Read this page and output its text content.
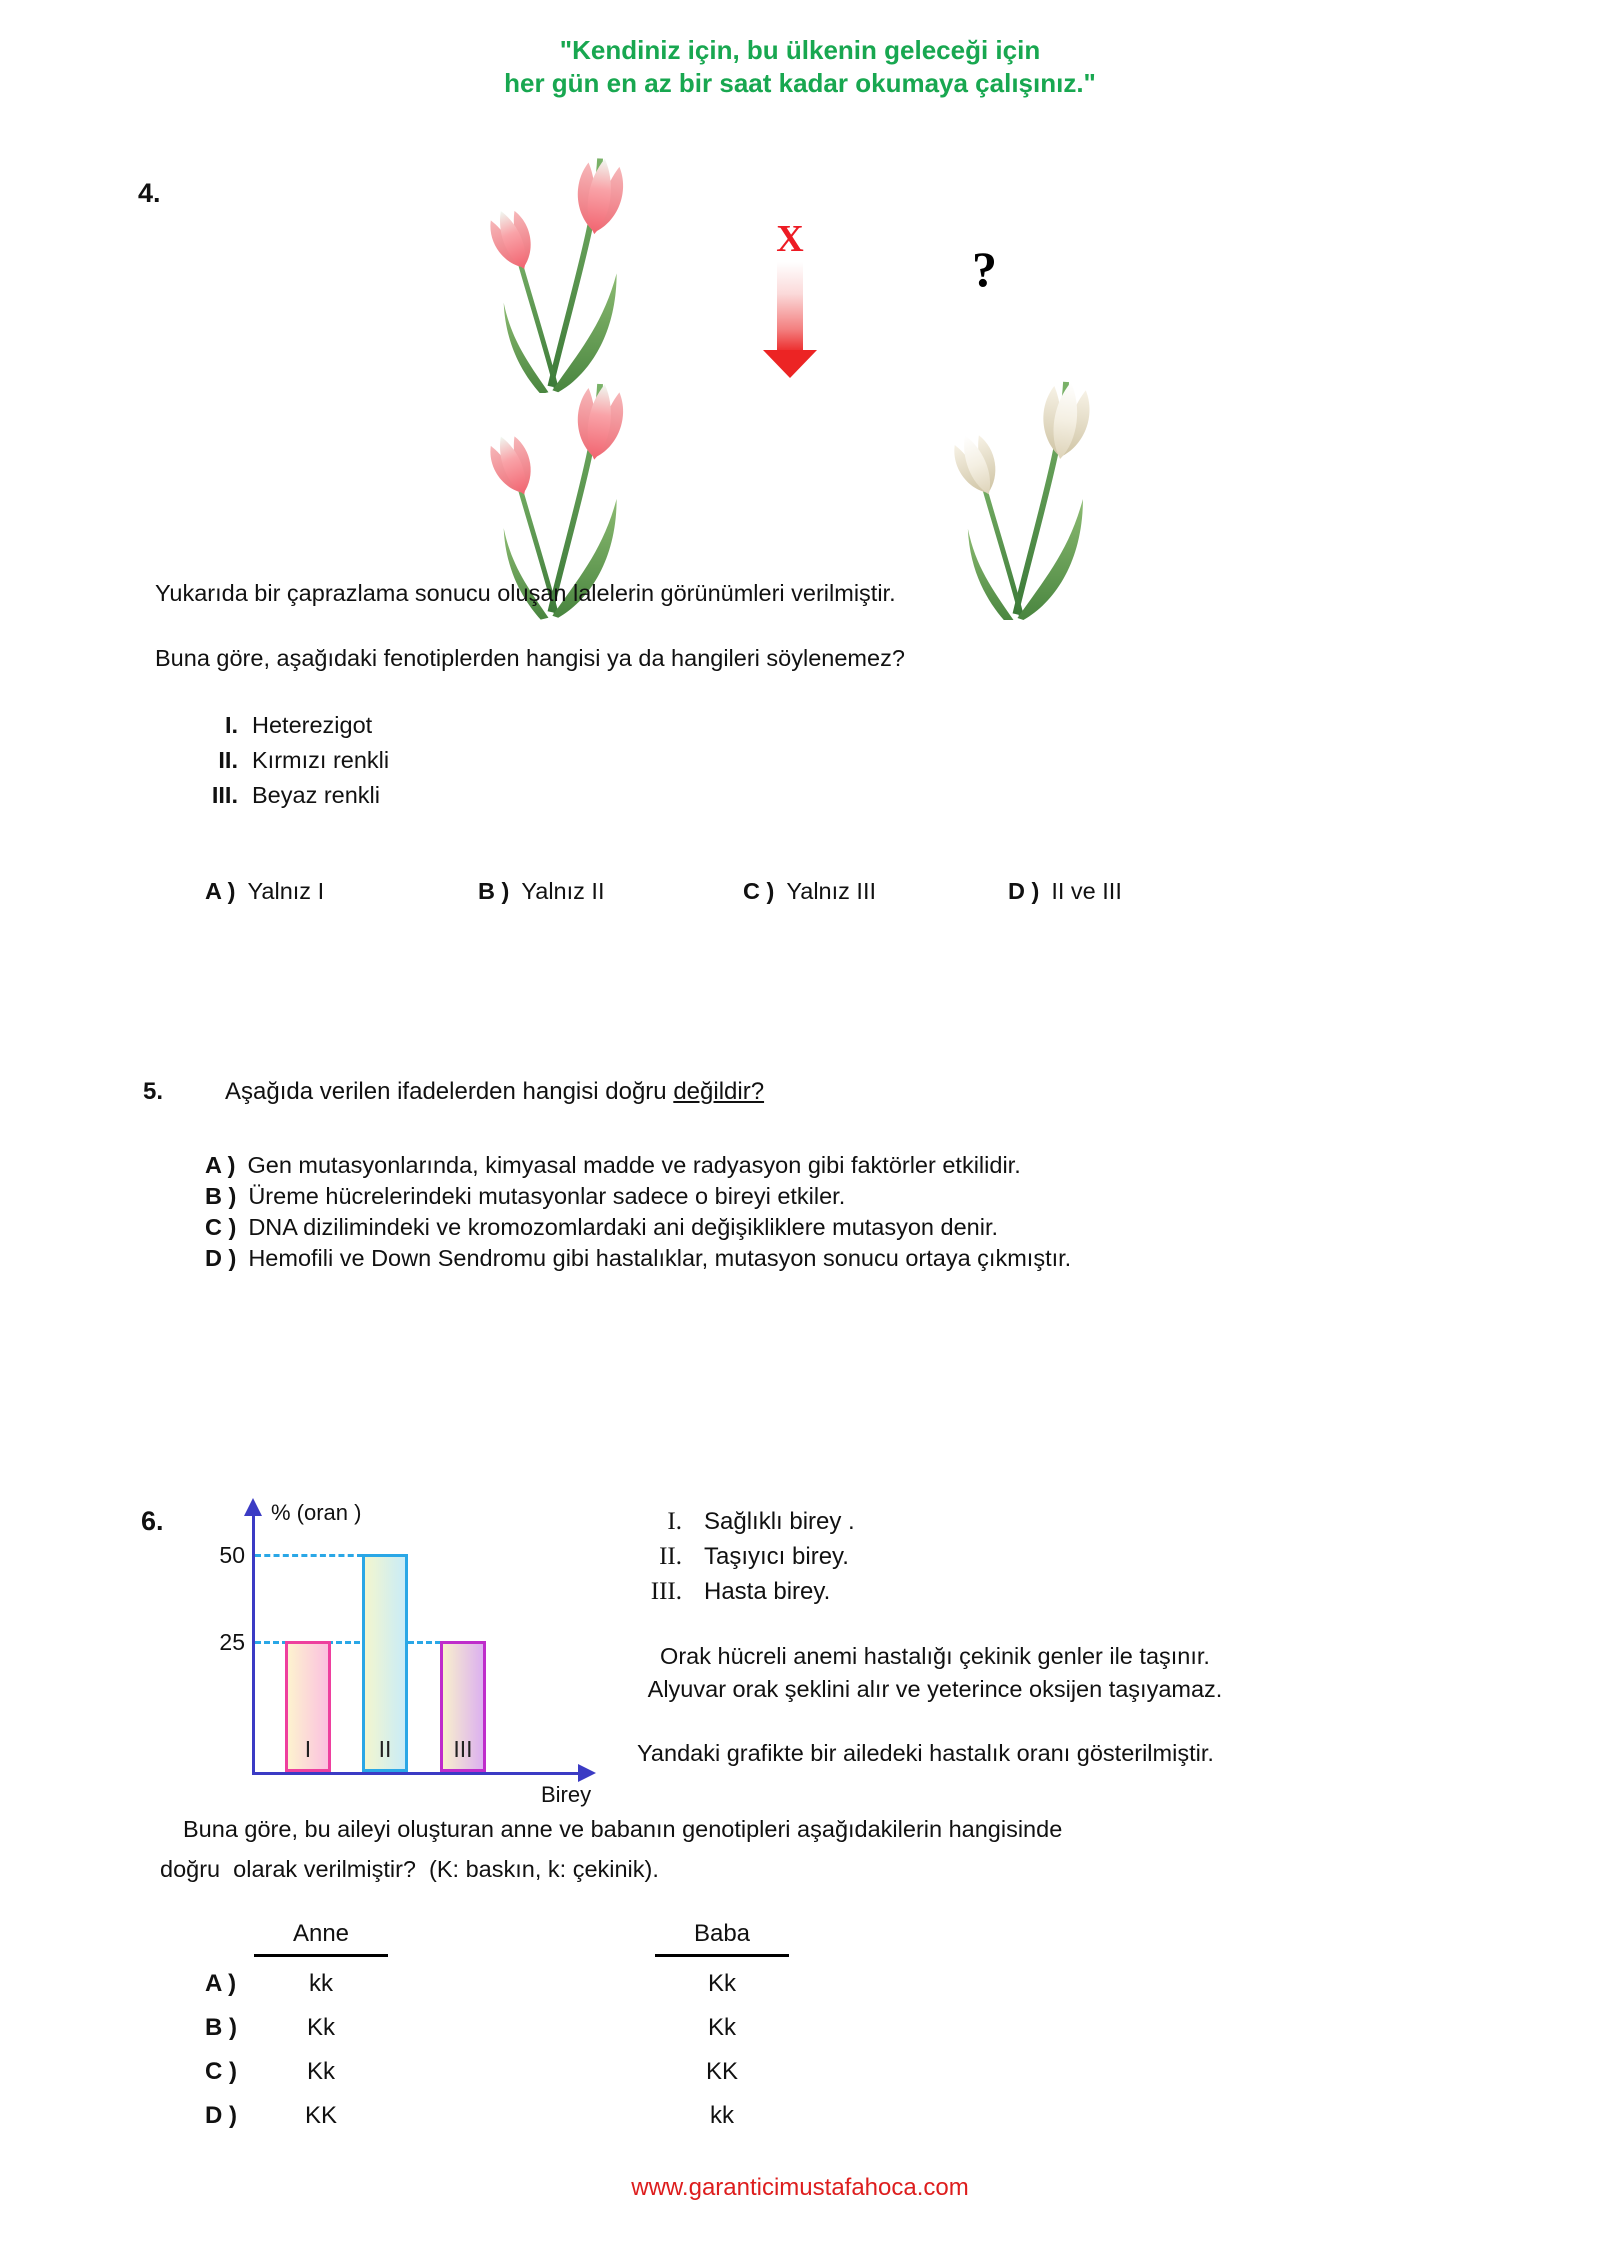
"Kendiniz için, bu ülkenin geleceği için
her gün en az bir saat kadar okumaya çalışınız."
4.
X
?
Yukarıda bir çaprazlama sonucu oluşan lalelerin görünümleri verilmiştir.
Buna göre, aşağıdaki fenotiplerden hangisi ya da hangileri söylenemez?
I. Heterezigot
II. Kırmızı renkli
III. Beyaz renkli
A ) Yalnız I	B ) Yalnız II	C ) Yalnız III	D ) II ve III
5.	Aşağıda verilen ifadelerden hangisi doğru değildir?
A ) Gen mutasyonlarında, kimyasal madde ve radyasyon gibi faktörler etkilidir.
B ) Üreme hücrelerindeki mutasyonlar sadece o bireyi etkiler.
C ) DNA dizilimindeki ve kromozomlardaki ani değişikliklere mutasyon denir.
D ) Hemofili ve Down Sendromu gibi hastalıklar, mutasyon sonucu ortaya çıkmıştır.
6.	% (oran )
Birey
50
25
I	II	III
I. Sağlıklı birey .
II. Taşıyıcı birey.
III. Hasta birey.
Orak hücreli anemi hastalığı çekinik genler ile taşınır.
Alyuvar orak şeklini alır ve yeterince oksijen taşıyamaz.
Yandaki grafikte bir ailedeki hastalık oranı gösterilmiştir.
Buna göre, bu aileyi oluşturan anne ve babanın genotipleri aşağıdakilerin hangisinde
doğru  olarak verilmiştir?  (K: baskın, k: çekinik).
Anne	Baba
A )	kk	Kk
B )	Kk	Kk
C )	Kk	KK
D )	KK	kk
www.garanticimustafahoca.com
